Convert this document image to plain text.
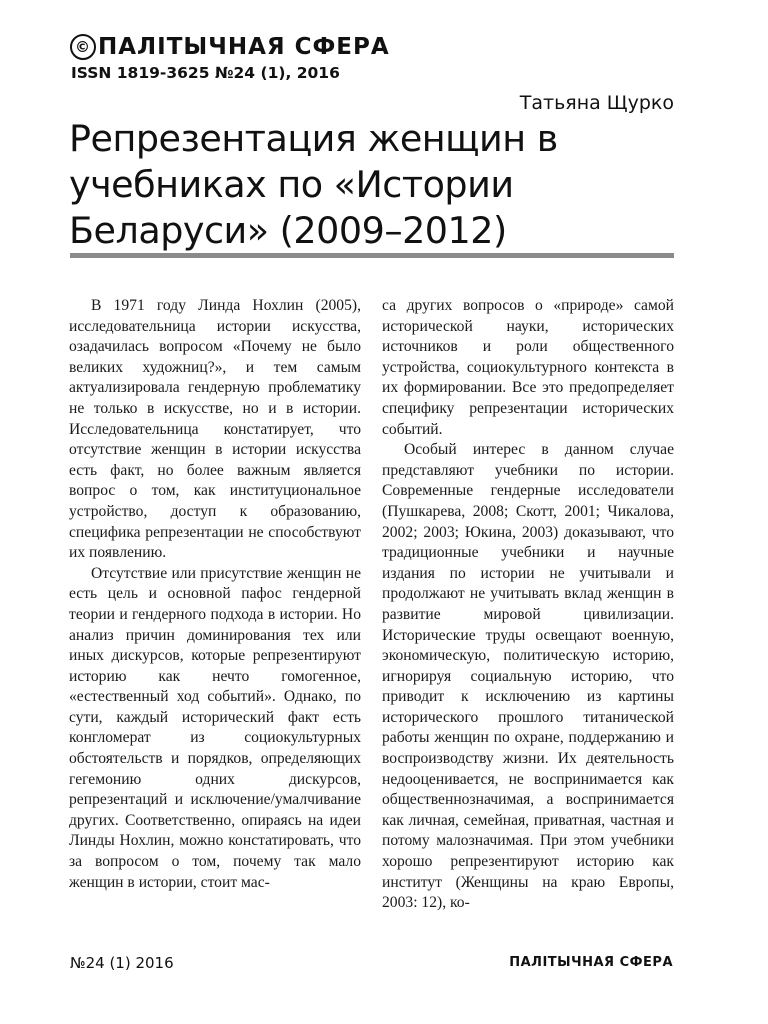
© ПАЛІТЫЧНАЯ СФЕРА
ISSN 1819-3625 №24 (1), 2016
Татьяна Щурко
Репрезентация женщин в учебниках по «Истории Беларуси» (2009–2012)

В 1971 году Линда Нохлин (2005), исследовательница истории искусства, озадачилась вопросом «Почему не было великих художниц?», и тем самым актуализировала гендерную проблематику не только в искусстве, но и в истории. Исследовательница констатирует, что отсутствие женщин в истории искусства есть факт, но более важным является вопрос о том, как институциональное устройство, доступ к образованию, специфика репрезентации не способствуют их появлению.

Отсутствие или присутствие женщин не есть цель и основной пафос гендерной теории и гендерного подхода в истории. Но анализ причин доминирования тех или иных дискурсов, которые репрезентируют историю как нечто гомогенное, «естественный ход событий». Однако, по сути, каждый исторический факт есть конгломерат из социокультурных обстоятельств и порядков, определяющих гегемонию одних дискурсов, репрезентаций и исключение/умалчивание других. Соответственно, опираясь на идеи Линды Нохлин, можно констатировать, что за вопросом о том, почему так мало женщин в истории, стоит мас-

са других вопросов о «природе» самой исторической науки, исторических источников и роли общественного устройства, социокультурного контекста в их формировании. Все это предопределяет специфику репрезентации исторических событий.

Особый интерес в данном случае представляют учебники по истории. Современные гендерные исследователи (Пушкарева, 2008; Скотт, 2001; Чикалова, 2002; 2003; Юкина, 2003) доказывают, что традиционные учебники и научные издания по истории не учитывали и продолжают не учитывать вклад женщин в развитие мировой цивилизации. Исторические труды освещают военную, экономическую, политическую историю, игнорируя социальную историю, что приводит к исключению из картины исторического прошлого титанической работы женщин по охране, поддержанию и воспроизводству жизни. Их деятельность недооценивается, не воспринимается как общественнозначимая, а воспринимается как личная, семейная, приватная, частная и потому малозначимая. При этом учебники хорошо репрезентируют историю как институт (Женщины на краю Европы, 2003: 12), ко-

№24 (1) 2016	ПАЛІТЫЧНАЯ СФЕРА
